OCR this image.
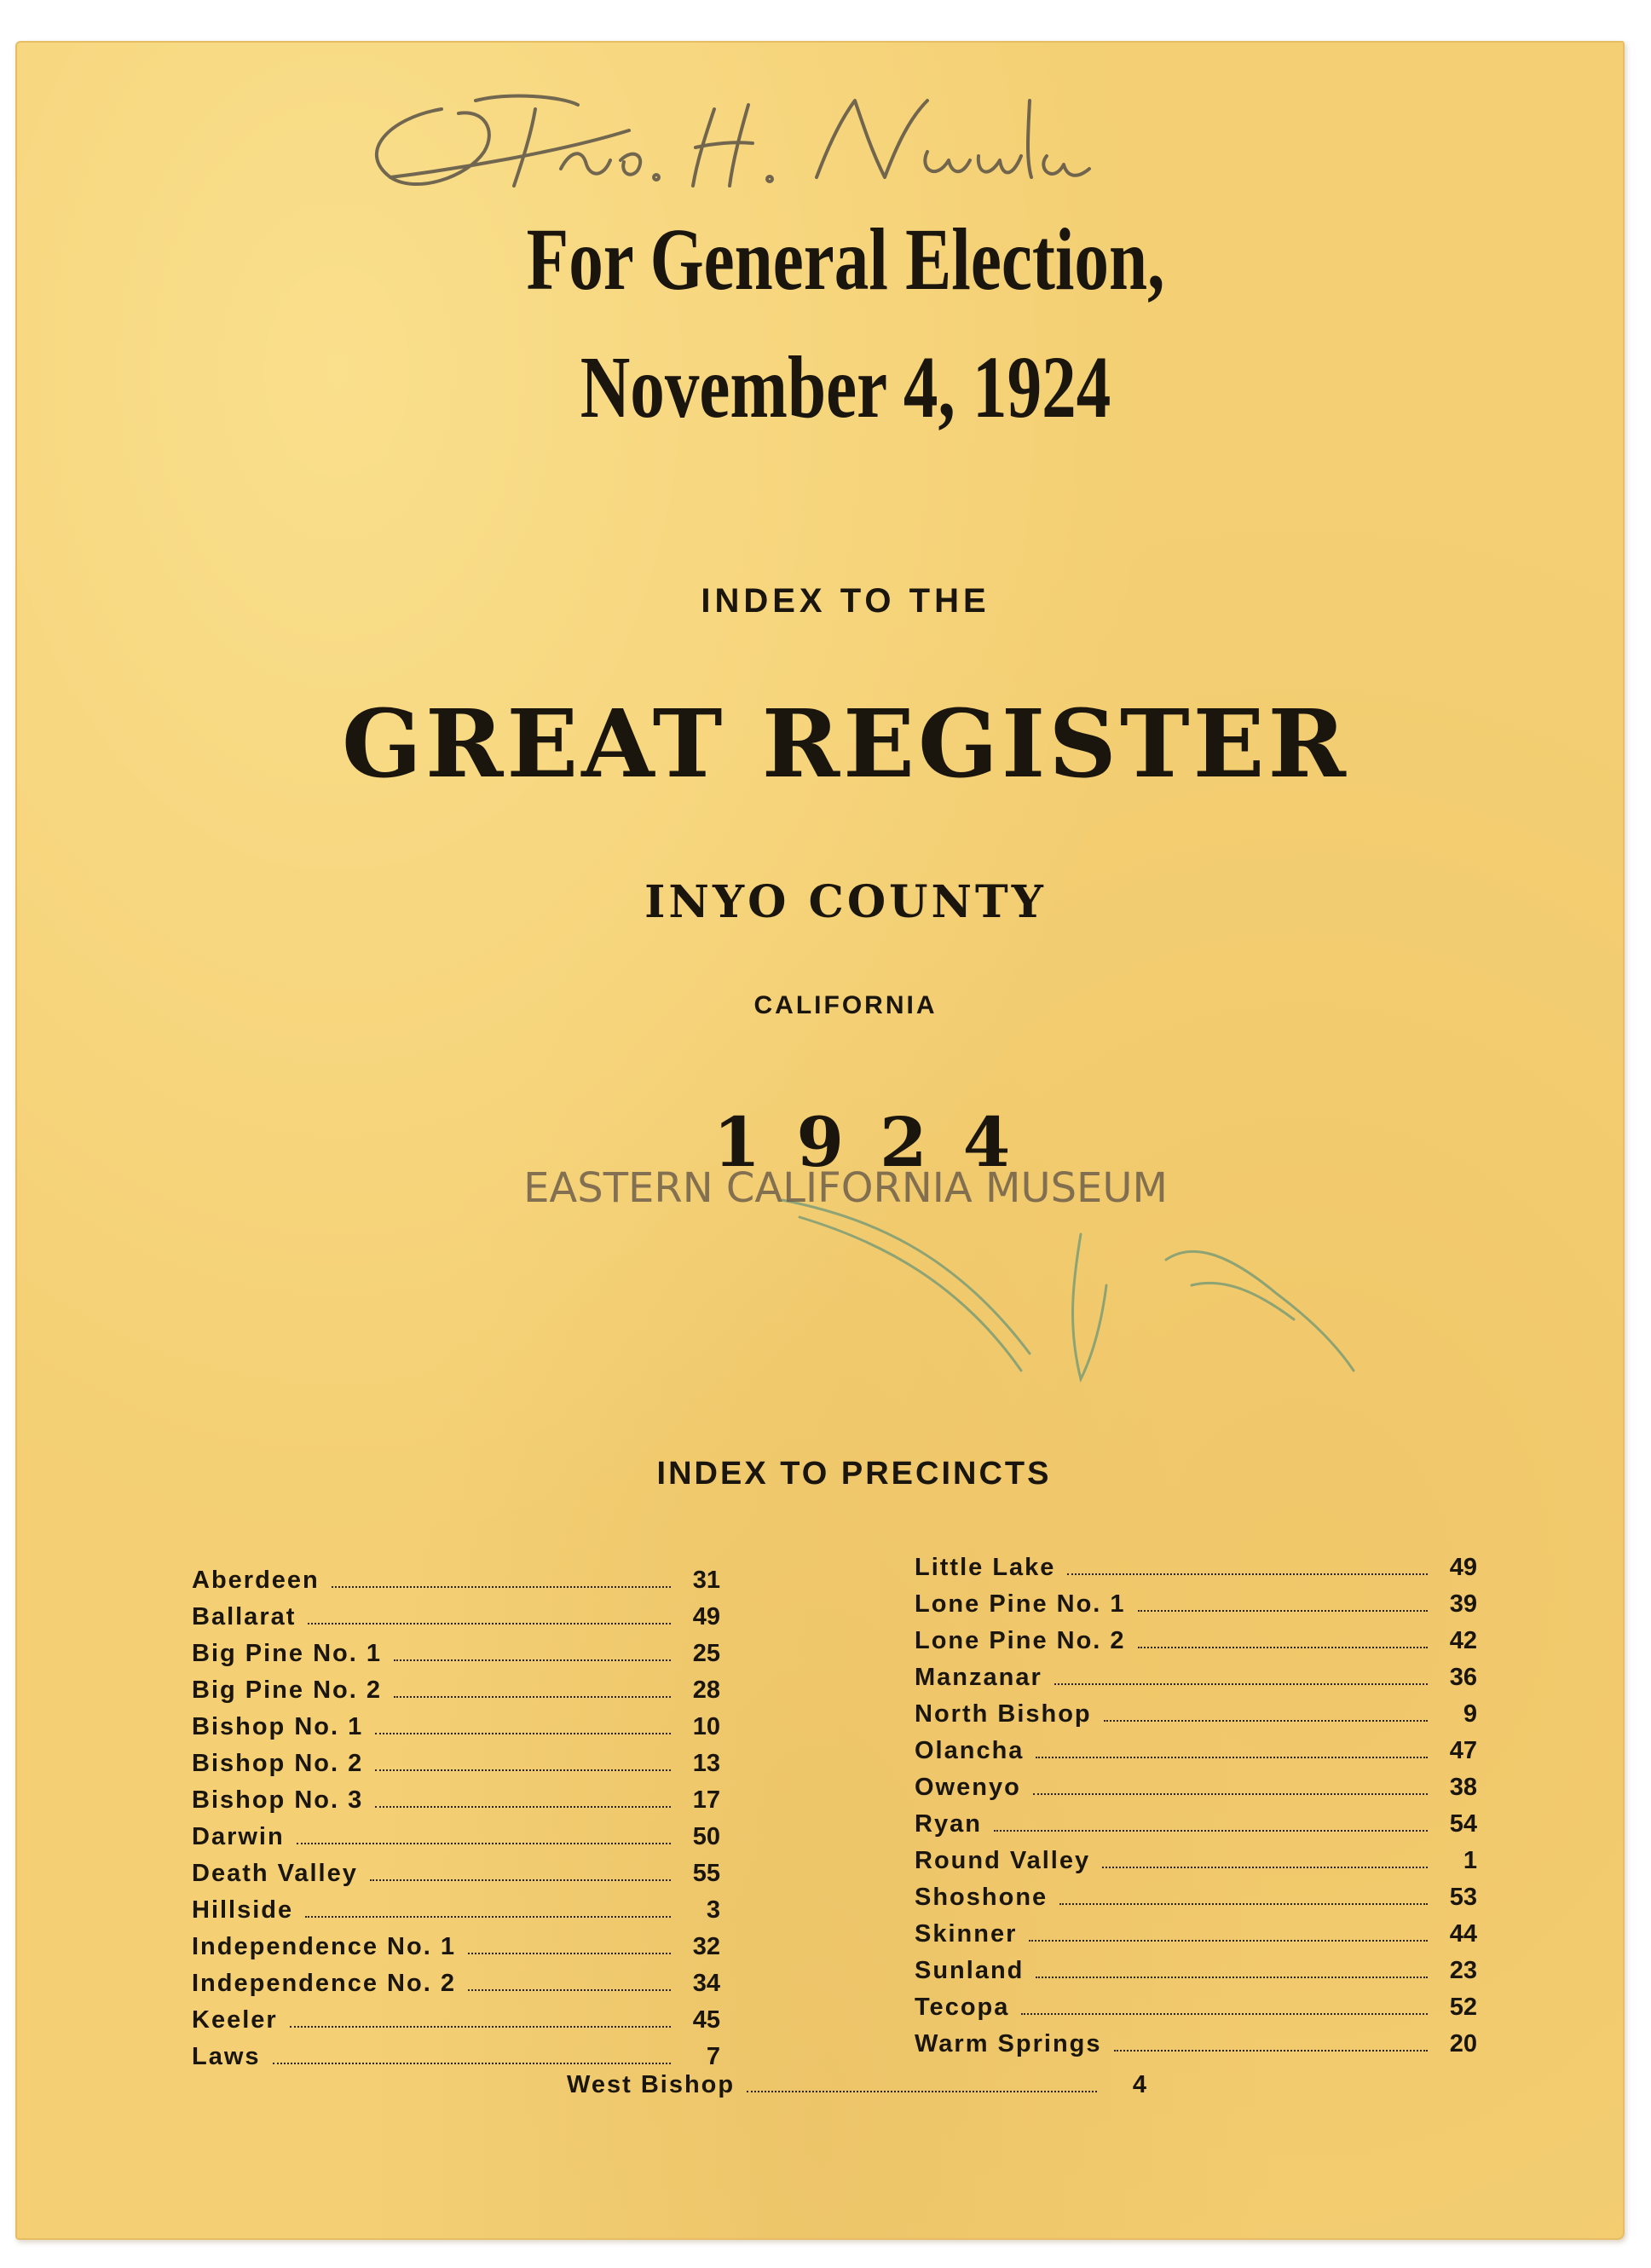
For General Election,

November 4, 1924

INDEX TO THE

GREAT REGISTER

INYO COUNTY

CALIFORNIA

1924

EASTERN CALIFORNIA MUSEUM

INDEX TO PRECINCTS

Aberdeen	31
Ballarat	49
Big Pine No. 1	25
Big Pine No. 2	28
Bishop No. 1	10
Bishop No. 2	13
Bishop No. 3	17
Darwin	50
Death Valley	55
Hillside	3
Independence No. 1	32
Independence No. 2	34
Keeler	45
Laws	7
Little Lake	49
Lone Pine No. 1	39
Lone Pine No. 2	42
Manzanar	36
North Bishop	9
Olancha	47
Owenyo	38
Ryan	54
Round Valley	1
Shoshone	53
Skinner	44
Sunland	23
Tecopa	52
Warm Springs	20
West Bishop	4
